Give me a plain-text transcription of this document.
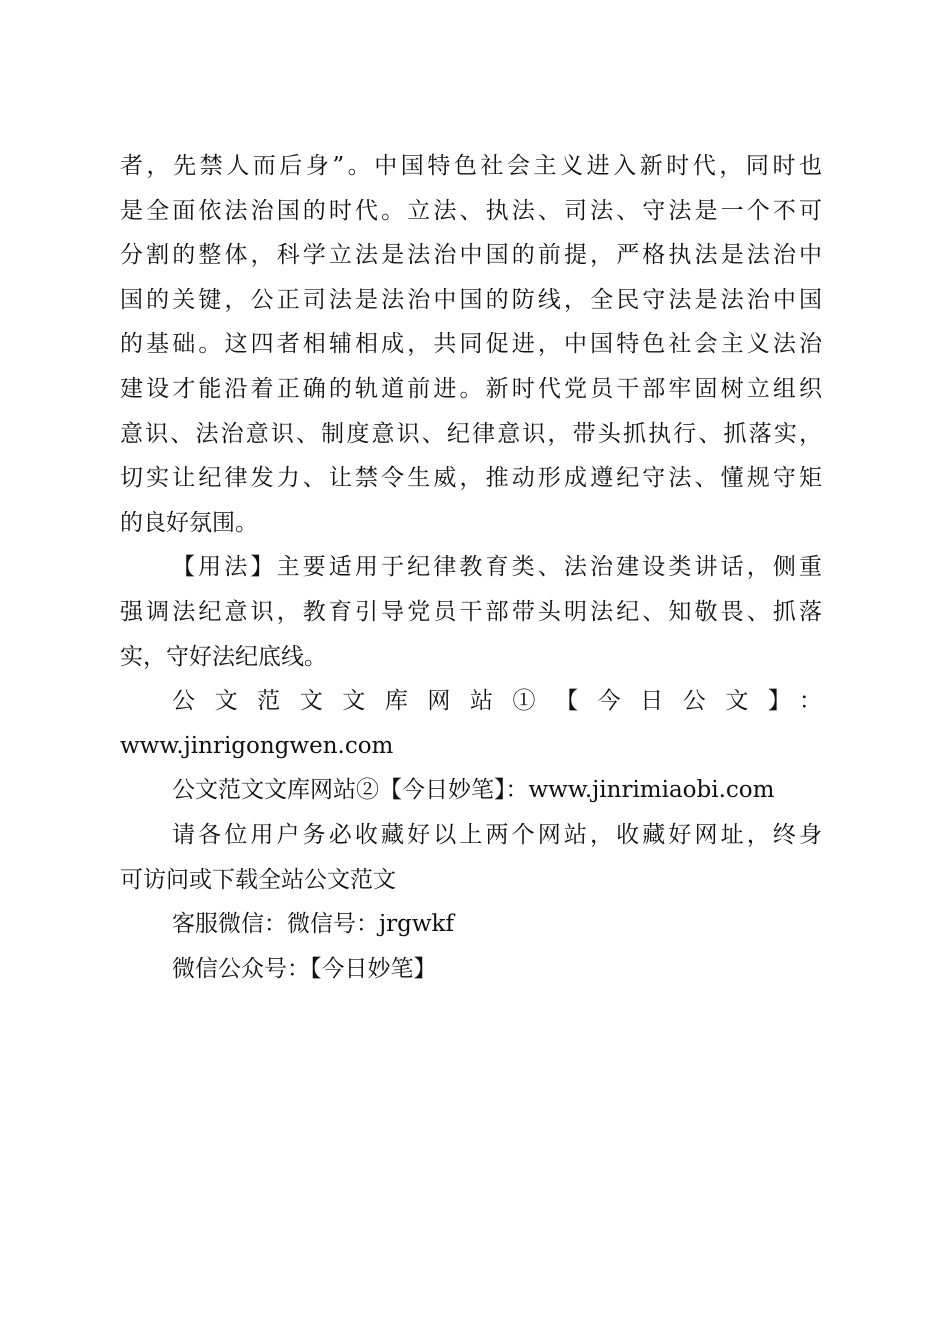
者，先禁人而后身”。中国特色社会主义进入新时代，同时也
是全面依法治国的时代。立法、执法、司法、守法是一个不可
分割的整体，科学立法是法治中国的前提，严格执法是法治中
国的关键，公正司法是法治中国的防线，全民守法是法治中国
的基础。这四者相辅相成，共同促进，中国特色社会主义法治
建设才能沿着正确的轨道前进。新时代党员干部牢固树立组织
意识、法治意识、制度意识、纪律意识，带头抓执行、抓落实，
切实让纪律发力、让禁令生威，推动形成遵纪守法、懂规守矩
的良好氛围。
【用法】主要适用于纪律教育类、法治建设类讲话，侧重
强调法纪意识，教育引导党员干部带头明法纪、知敬畏、抓落
实，守好法纪底线。
公文范文文库网站①【今日公文】：
www.jinrigongwen.com
公文范文文库网站②【今日妙笔】：www.jinrimiaobi.com
请各位用户务必收藏好以上两个网站，收藏好网址，终身
可访问或下载全站公文范文
客服微信：微信号：jrgwkf
微信公众号：【今日妙笔】
